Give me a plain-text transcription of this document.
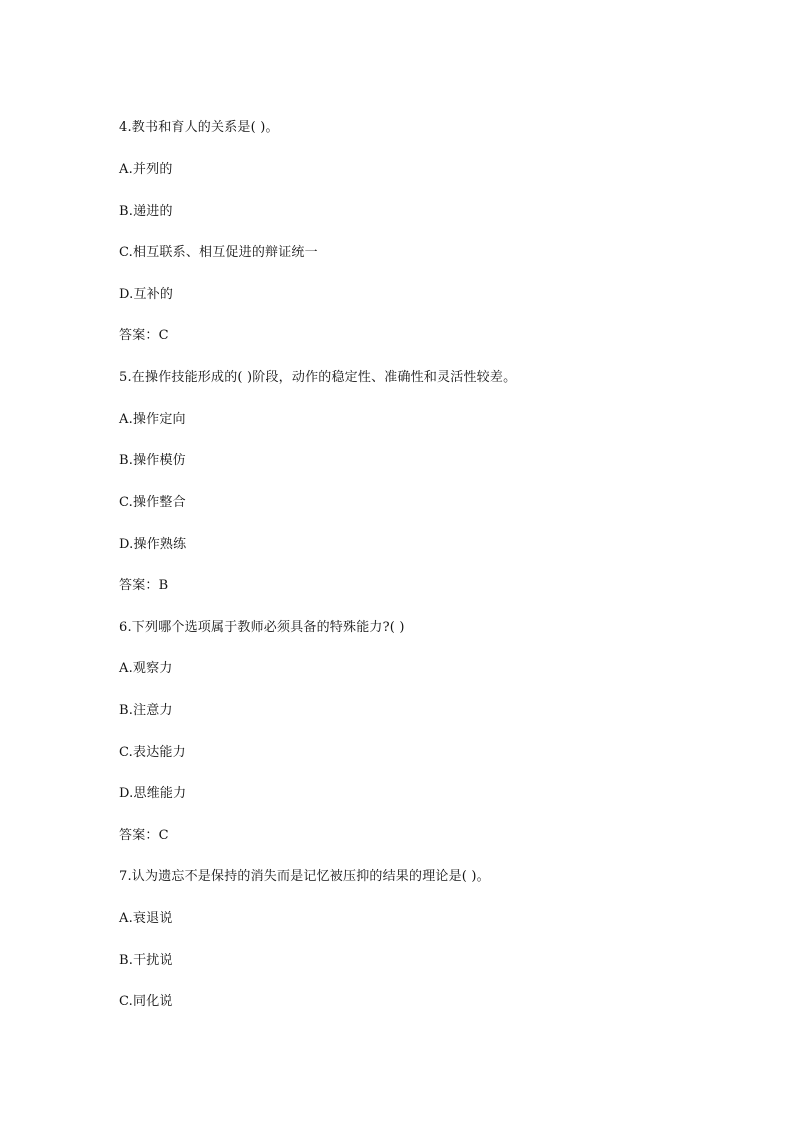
4.教书和育人的关系是( )。
A.并列的
B.递进的
C.相互联系、相互促进的辩证统一
D.互补的
答案：C
5.在操作技能形成的( )阶段，动作的稳定性、准确性和灵活性较差。
A.操作定向
B.操作模仿
C.操作整合
D.操作熟练
答案：B
6.下列哪个选项属于教师必须具备的特殊能力?( )
A.观察力
B.注意力
C.表达能力
D.思维能力
答案：C
7.认为遗忘不是保持的消失而是记忆被压抑的结果的理论是( )。
A.衰退说
B.干扰说
C.同化说
